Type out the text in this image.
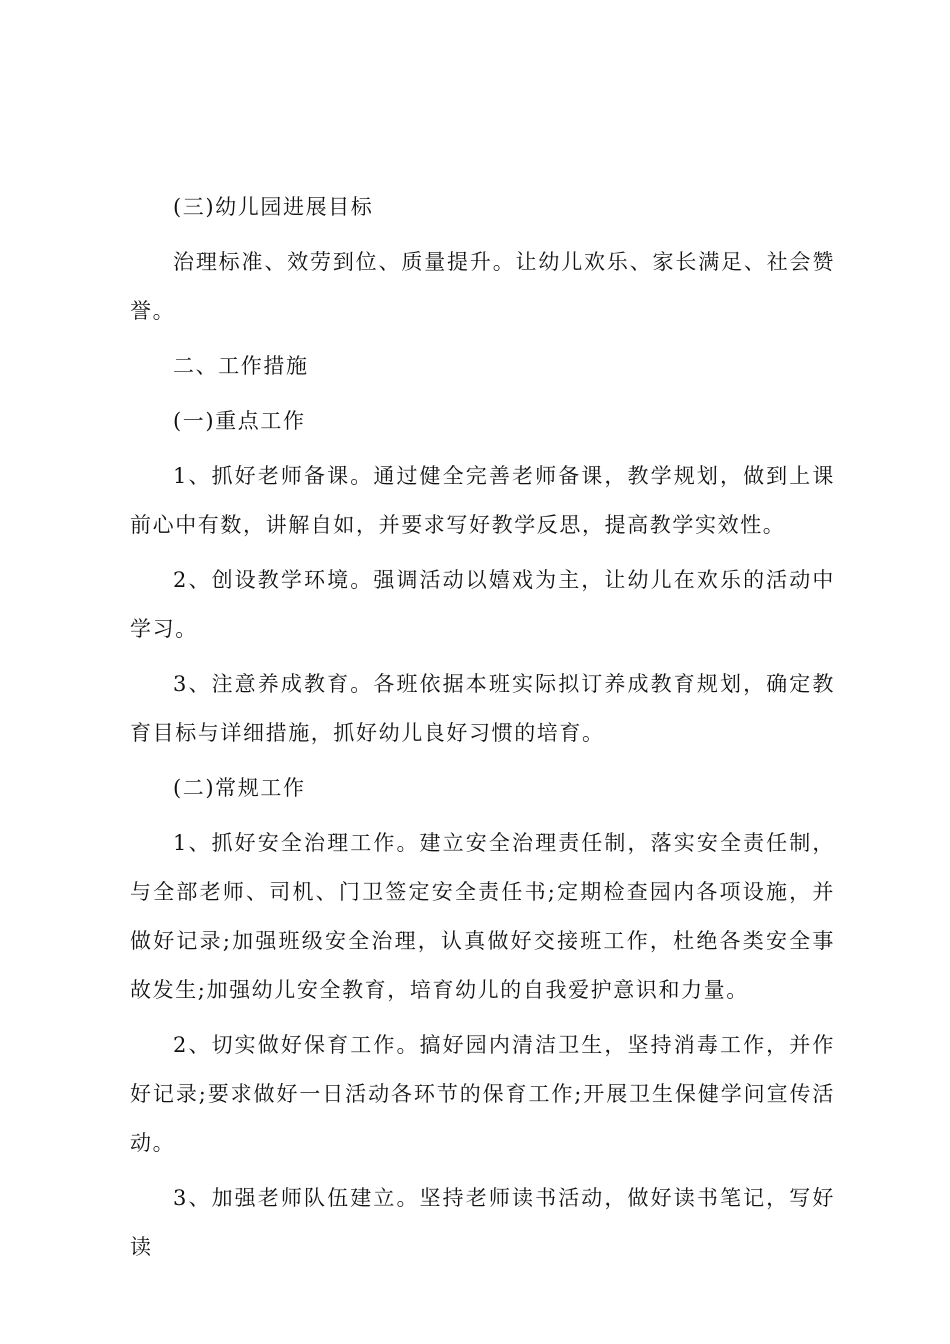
(三)幼儿园进展目标

治理标准、效劳到位、质量提升。让幼儿欢乐、家长满足、社会赞誉。

二、工作措施

(一)重点工作

1、抓好老师备课。通过健全完善老师备课，教学规划，做到上课前心中有数，讲解自如，并要求写好教学反思，提高教学实效性。

2、创设教学环境。强调活动以嬉戏为主，让幼儿在欢乐的活动中学习。

3、注意养成教育。各班依据本班实际拟订养成教育规划，确定教育目标与详细措施，抓好幼儿良好习惯的培育。

(二)常规工作

1、抓好安全治理工作。建立安全治理责任制，落实安全责任制，与全部老师、司机、门卫签定安全责任书;定期检查园内各项设施，并做好记录;加强班级安全治理，认真做好交接班工作，杜绝各类安全事故发生;加强幼儿安全教育，培育幼儿的自我爱护意识和力量。

2、切实做好保育工作。搞好园内清洁卫生，坚持消毒工作，并作好记录;要求做好一日活动各环节的保育工作;开展卫生保健学问宣传活动。

3、加强老师队伍建立。坚持老师读书活动，做好读书笔记，写好读
